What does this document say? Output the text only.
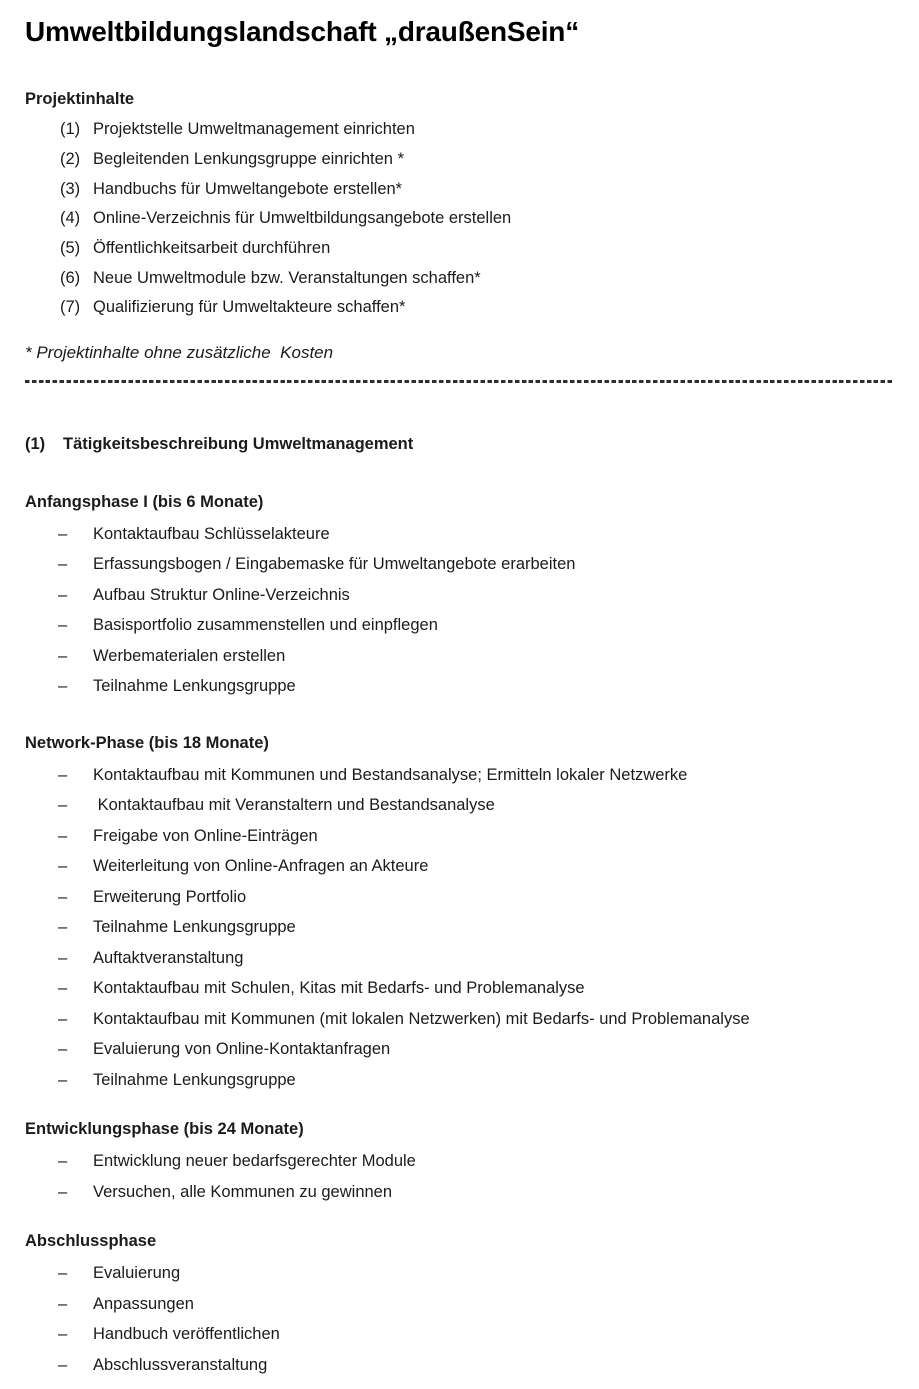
Umweltbildungslandschaft „draußenSein“
Projektinhalte
(1) Projektstelle Umweltmanagement einrichten
(2) Begleitenden Lenkungsgruppe einrichten *
(3) Handbuchs für Umweltangebote erstellen*
(4) Online-Verzeichnis für Umweltbildungsangebote erstellen
(5) Öffentlichkeitsarbeit durchführen
(6) Neue Umweltmodule bzw. Veranstaltungen schaffen*
(7) Qualifizierung für Umweltakteure schaffen*
* Projektinhalte ohne zusätzliche  Kosten
(1)	Tätigkeitsbeschreibung Umweltmanagement
Anfangsphase I (bis 6 Monate)
–	Kontaktaufbau Schlüsselakteure
–	Erfassungsbogen / Eingabemaske für Umweltangebote erarbeiten
–	Aufbau Struktur Online-Verzeichnis
–	Basisportfolio zusammenstellen und einpflegen
–	Werbematerialen erstellen
–	Teilnahme Lenkungsgruppe
Network-Phase (bis 18 Monate)
–	Kontaktaufbau mit Kommunen und Bestandsanalyse; Ermitteln lokaler Netzwerke
–	Kontaktaufbau mit Veranstaltern und Bestandsanalyse
–	Freigabe von Online-Einträgen
–	Weiterleitung von Online-Anfragen an Akteure
–	Erweiterung Portfolio
–	Teilnahme Lenkungsgruppe
–	Auftaktveranstaltung
–	Kontaktaufbau mit Schulen, Kitas mit Bedarfs- und Problemanalyse
–	Kontaktaufbau mit Kommunen (mit lokalen Netzwerken) mit Bedarfs- und Problemanalyse
–	Evaluierung von Online-Kontaktanfragen
–	Teilnahme Lenkungsgruppe
Entwicklungsphase (bis 24 Monate)
–	Entwicklung neuer bedarfsgerechter Module
–	Versuchen, alle Kommunen zu gewinnen
Abschlussphase
–	Evaluierung
–	Anpassungen
–	Handbuch veröffentlichen
–	Abschlussveranstaltung
